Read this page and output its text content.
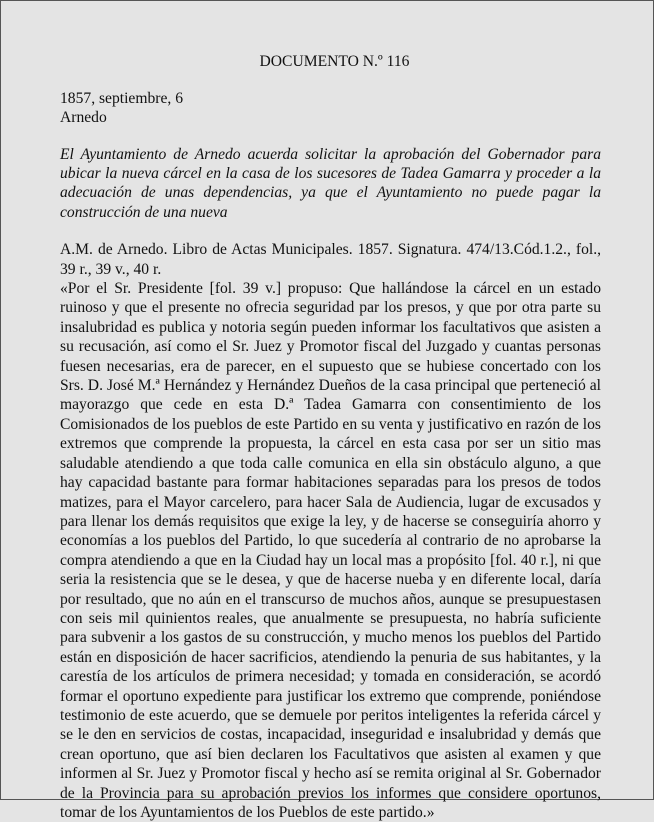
DOCUMENTO N.º 116

1857, septiembre, 6

Arnedo

El Ayuntamiento de Arnedo acuerda solicitar la aprobación del Gobernador para ubicar la nueva cárcel en la casa de los sucesores de Tadea Gamarra y proceder a la adecuación de unas dependencias, ya que el Ayuntamiento no puede pagar la construcción de una nueva

A.M. de Arnedo. Libro de Actas Municipales. 1857. Signatura. 474/13.Cód.1.2., fol., 39 r., 39 v., 40 r.

«Por el Sr. Presidente [fol. 39 v.] propuso: Que hallándose la cárcel en un estado ruinoso y que el presente no ofrecia seguridad par los presos, y que por otra parte su insalubridad es publica y notoria según pueden informar los facultativos que asisten a su recusación, así como el Sr. Juez y Promotor fiscal del Juzgado y cuantas personas fuesen necesarias, era de parecer, en el supuesto que se hubiese concertado con los Srs. D. José M.ª Hernández y Hernández Dueños de la casa principal que perteneció al mayorazgo que cede en esta D.ª Tadea Gamarra con consentimiento de los Comisionados de los pueblos de este Partido en su venta y justificativo en razón de los extremos que comprende la propuesta, la cárcel en esta casa por ser un sitio mas saludable atendiendo a que toda calle comunica en ella sin obstáculo alguno, a que hay capacidad bastante para formar habitaciones separadas para los presos de todos matizes, para el Mayor carcelero, para hacer Sala de Audiencia, lugar de excusados y para llenar los demás requisitos que exige la ley, y de hacerse se conseguiría ahorro y economías a los pueblos del Partido, lo que sucedería al contrario de no aprobarse la compra atendiendo a que en la Ciudad hay un local mas a propósito [fol. 40 r.], ni que seria la resistencia que se le desea, y que de hacerse nueba y en diferente local, daría por resultado, que no aún en el transcurso de muchos años, aunque se presupuestasen con seis mil quinientos reales, que anualmente se presupuesta, no habría suficiente para subvenir a los gastos de su construcción, y mucho menos los pueblos del Partido están en disposición de hacer sacrificios, atendiendo la penuria de sus habitantes, y la carestía de los artículos de primera necesidad; y tomada en consideración, se acordó formar el oportuno expediente para justificar los extremo que comprende, poniéndose testimonio de este acuerdo, que se demuele por peritos inteligentes la referida cárcel y se le den en servicios de costas, incapacidad, inseguridad e insalubridad y demás que crean oportuno, que así bien declaren los Facultativos que asisten al examen y que informen al Sr. Juez y Promotor fiscal y hecho así se remita original al Sr. Gobernador de la Provincia para su aprobación previos los informes que considere oportunos, tomar de los Ayuntamientos de los Pueblos de este partido.»
